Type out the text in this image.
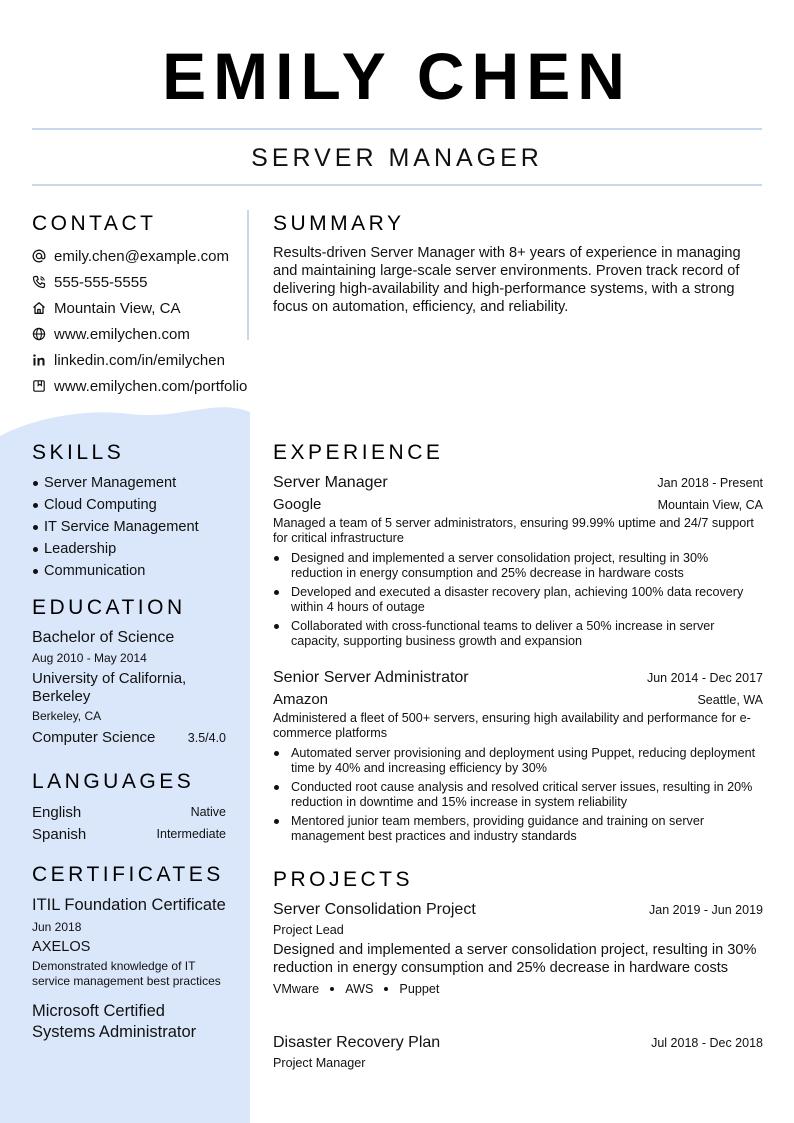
EMILY CHEN
SERVER MANAGER
CONTACT
emily.chen@example.com
555-555-5555
Mountain View, CA
www.emilychen.com
linkedin.com/in/emilychen
www.emilychen.com/portfolio
SUMMARY
Results-driven Server Manager with 8+ years of experience in managing and maintaining large-scale server environments. Proven track record of delivering high-availability and high-performance systems, with a strong focus on automation, efficiency, and reliability.
SKILLS
Server Management
Cloud Computing
IT Service Management
Leadership
Communication
EDUCATION
Bachelor of Science
Aug 2010 - May 2014
University of California, Berkeley
Berkeley, CA
Computer Science	3.5/4.0
LANGUAGES
English	Native
Spanish	Intermediate
CERTIFICATES
ITIL Foundation Certificate
Jun 2018
AXELOS
Demonstrated knowledge of IT service management best practices
Microsoft Certified Systems Administrator
EXPERIENCE
Server Manager	Jan 2018 - Present
Google	Mountain View, CA
Managed a team of 5 server administrators, ensuring 99.99% uptime and 24/7 support for critical infrastructure
Designed and implemented a server consolidation project, resulting in 30% reduction in energy consumption and 25% decrease in hardware costs
Developed and executed a disaster recovery plan, achieving 100% data recovery within 4 hours of outage
Collaborated with cross-functional teams to deliver a 50% increase in server capacity, supporting business growth and expansion
Senior Server Administrator	Jun 2014 - Dec 2017
Amazon	Seattle, WA
Administered a fleet of 500+ servers, ensuring high availability and performance for e-commerce platforms
Automated server provisioning and deployment using Puppet, reducing deployment time by 40% and increasing efficiency by 30%
Conducted root cause analysis and resolved critical server issues, resulting in 20% reduction in downtime and 15% increase in system reliability
Mentored junior team members, providing guidance and training on server management best practices and industry standards
PROJECTS
Server Consolidation Project	Jan 2019 - Jun 2019
Project Lead
Designed and implemented a server consolidation project, resulting in 30% reduction in energy consumption and 25% decrease in hardware costs
VMware AWS Puppet
Disaster Recovery Plan	Jul 2018 - Dec 2018
Project Manager
